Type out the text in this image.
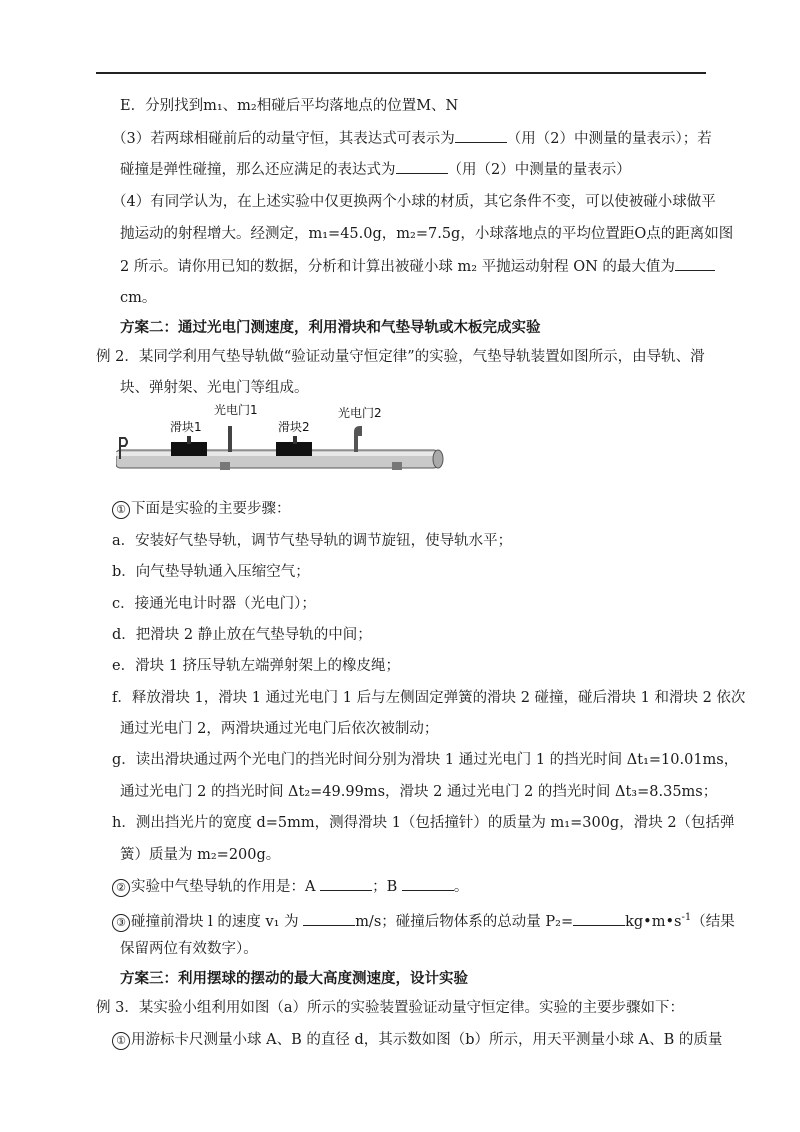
E．分别找到m₁、m₂相碰后平均落地点的位置M、N
（3）若两球相碰前后的动量守恒，其表达式可表示为	（用（2）中测量的量表示）；若
碰撞是弹性碰撞，那么还应满足的表达式为	（用（2）中测量的量表示）
（4）有同学认为，在上述实验中仅更换两个小球的材质，其它条件不变，可以使被碰小球做平
抛运动的射程增大。经测定，m₁=45.0g，m₂=7.5g，小球落地点的平均位置距O点的距离如图
2 所示。请你用已知的数据，分析和计算出被碰小球 m₂ 平抛运动射程 ON 的最大值为
cm。
方案二：通过光电门测速度，利用滑块和气垫导轨或木板完成实验
例 2．某同学利用气垫导轨做“验证动量守恒定律”的实验，气垫导轨装置如图所示，由导轨、滑
块、弹射架、光电门等组成。
滑块1
光电门1
滑块2
光电门2
① 下面是实验的主要步骤：
a．安装好气垫导轨，调节气垫导轨的调节旋钮，使导轨水平；
b．向气垫导轨通入压缩空气；
c．接通光电计时器（光电门）；
d．把滑块 2 静止放在气垫导轨的中间；
e．滑块 1 挤压导轨左端弹射架上的橡皮绳；
f．释放滑块 1，滑块 1 通过光电门 1 后与左侧固定弹簧的滑块 2 碰撞，碰后滑块 1 和滑块 2 依次
通过光电门 2，两滑块通过光电门后依次被制动；
g．读出滑块通过两个光电门的挡光时间分别为滑块 1 通过光电门 1 的挡光时间 Δt₁=10.01ms，
通过光电门 2 的挡光时间 Δt₂=49.99ms，滑块 2 通过光电门 2 的挡光时间 Δt₃=8.35ms；
h．测出挡光片的宽度 d=5mm，测得滑块 1（包括撞针）的质量为 m₁=300g，滑块 2（包括弹
簧）质量为 m₂=200g。
② 实验中气垫导轨的作用是：A	；B	。
③ 碰撞前滑块 l 的速度 v₁ 为	m/s；碰撞后物体系的总动量 P₂=	$kg•m•s^{-1}$（结果
保留两位有效数字）。
方案三：利用摆球的摆动的最大高度测速度，设计实验
例 3．某实验小组利用如图（a）所示的实验装置验证动量守恒定律。实验的主要步骤如下：
① 用游标卡尺测量小球 A、B 的直径 d，其示数如图（b）所示，用天平测量小球 A、B 的质量
